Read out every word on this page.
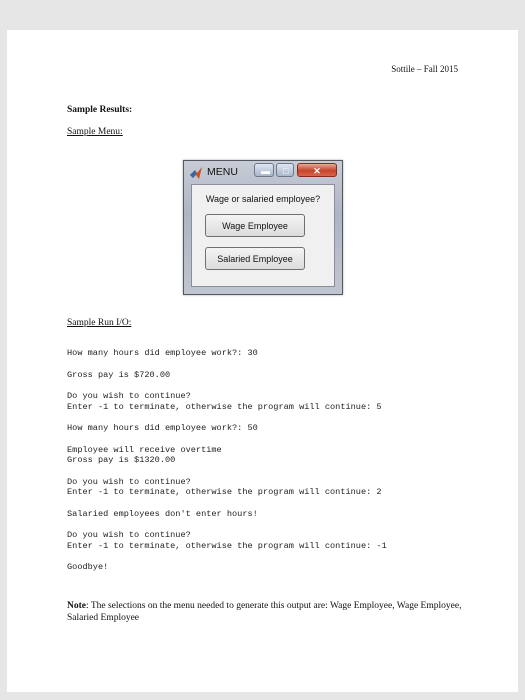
Sottile – Fall 2015
Sample Results:
Sample Menu:
MENU	▬	□	✕
Wage or salaried employee?
Wage Employee
Salaried Employee
Sample Run I/O:
How many hours did employee work?: 30
Gross pay is $720.00
Do you wish to continue?
Enter -1 to terminate, otherwise the program will continue: 5
How many hours did employee work?: 50
Employee will receive overtime
Gross pay is $1320.00
Do you wish to continue?
Enter -1 to terminate, otherwise the program will continue: 2
Salaried employees don't enter hours!
Do you wish to continue?
Enter -1 to terminate, otherwise the program will continue: -1
Goodbye!
Note: The selections on the menu needed to generate this output are: Wage Employee, Wage Employee, Salaried Employee
